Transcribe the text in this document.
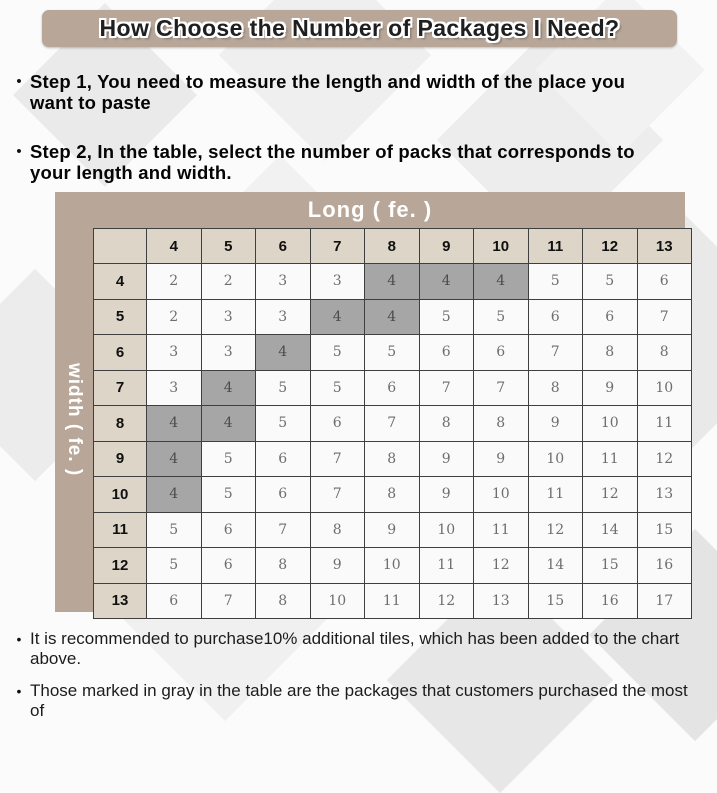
How Choose the Number of Packages I Need?
• Step 1, You need to measure the length and width of the place you want to paste
• Step 2, In the table, select the number of packs that corresponds to your length and width.
Long ( fe. )
width ( fe. )
	4	5	6	7	8	9	10	11	12	13
4	2	2	3	3	4	4	4	5	5	6
5	2	3	3	4	4	5	5	6	6	7
6	3	3	4	5	5	6	6	7	8	8
7	3	4	5	5	6	7	7	8	9	10
8	4	4	5	6	7	8	8	9	10	11
9	4	5	6	7	8	9	9	10	11	12
10	4	5	6	7	8	9	10	11	12	13
11	5	6	7	8	9	10	11	12	14	15
12	5	6	8	9	10	11	12	14	15	16
13	6	7	8	10	11	12	13	15	16	17
• It is recommended to purchase10% additional tiles, which has been added to the chart above.
• Those marked in gray in the table are the packages that customers purchased the most of
